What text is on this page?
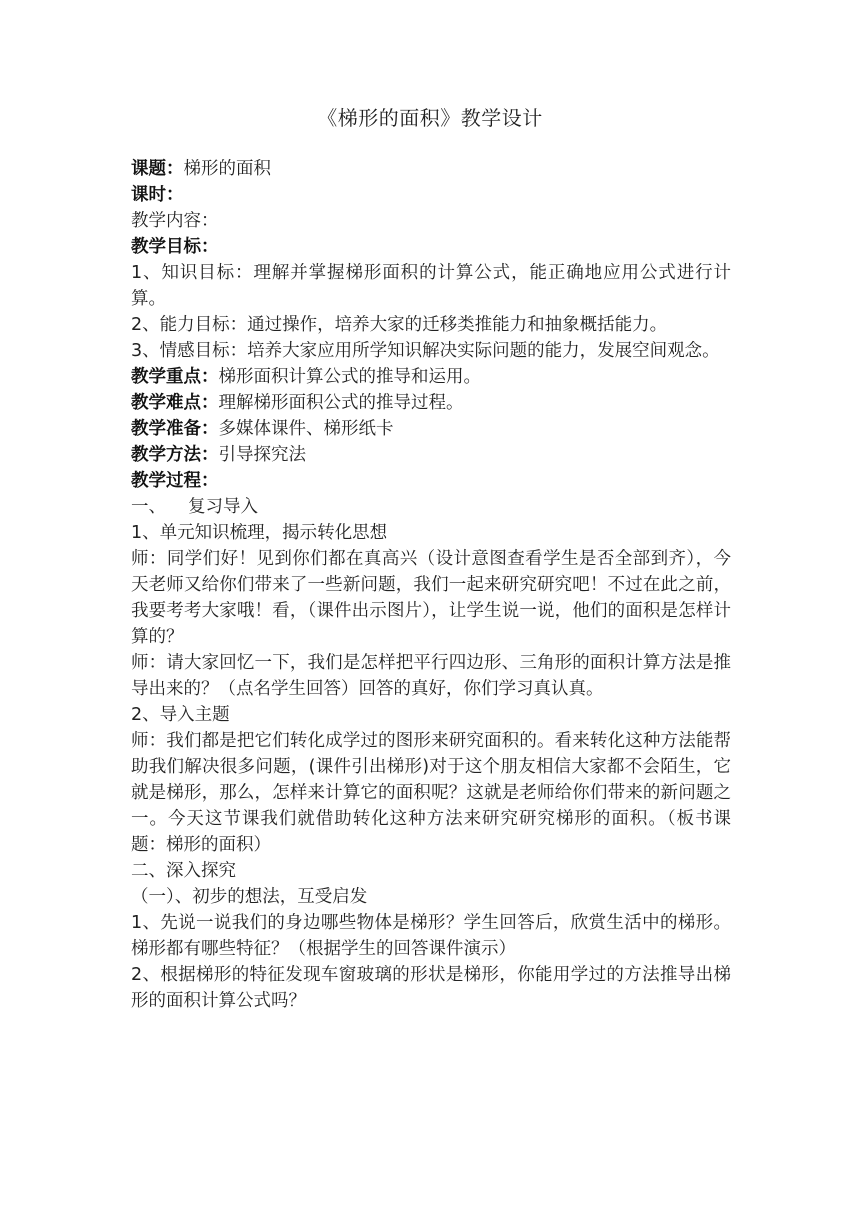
《梯形的面积》教学设计

课题：梯形的面积

课时：

教学内容：

教学目标：

1、知识目标：理解并掌握梯形面积的计算公式，能正确地应用公式进行计算。

2、能力目标：通过操作，培养大家的迁移类推能力和抽象概括能力。

3、情感目标：培养大家应用所学知识解决实际问题的能力，发展空间观念。

教学重点：梯形面积计算公式的推导和运用。

教学难点：理解梯形面积公式的推导过程。

教学准备：多媒体课件、梯形纸卡

教学方法：引导探究法

教学过程：

一、 复习导入

1、单元知识梳理，揭示转化思想

师：同学们好！见到你们都在真高兴（设计意图查看学生是否全部到齐），今天老师又给你们带来了一些新问题，我们一起来研究研究吧！不过在此之前，我要考考大家哦！看，（课件出示图片），让学生说一说，他们的面积是怎样计算的？

师：请大家回忆一下，我们是怎样把平行四边形、三角形的面积计算方法是推导出来的？（点名学生回答）回答的真好，你们学习真认真。

2、导入主题

师：我们都是把它们转化成学过的图形来研究面积的。看来转化这种方法能帮助我们解决很多问题，(课件引出梯形)对于这个朋友相信大家都不会陌生，它就是梯形，那么，怎样来计算它的面积呢？这就是老师给你们带来的新问题之一。今天这节课我们就借助转化这种方法来研究研究梯形的面积。（板书课题：梯形的面积）

二、深入探究

（一）、初步的想法，互受启发

1、先说一说我们的身边哪些物体是梯形？学生回答后，欣赏生活中的梯形。梯形都有哪些特征？（根据学生的回答课件演示）

2、根据梯形的特征发现车窗玻璃的形状是梯形，你能用学过的方法推导出梯形的面积计算公式吗？
